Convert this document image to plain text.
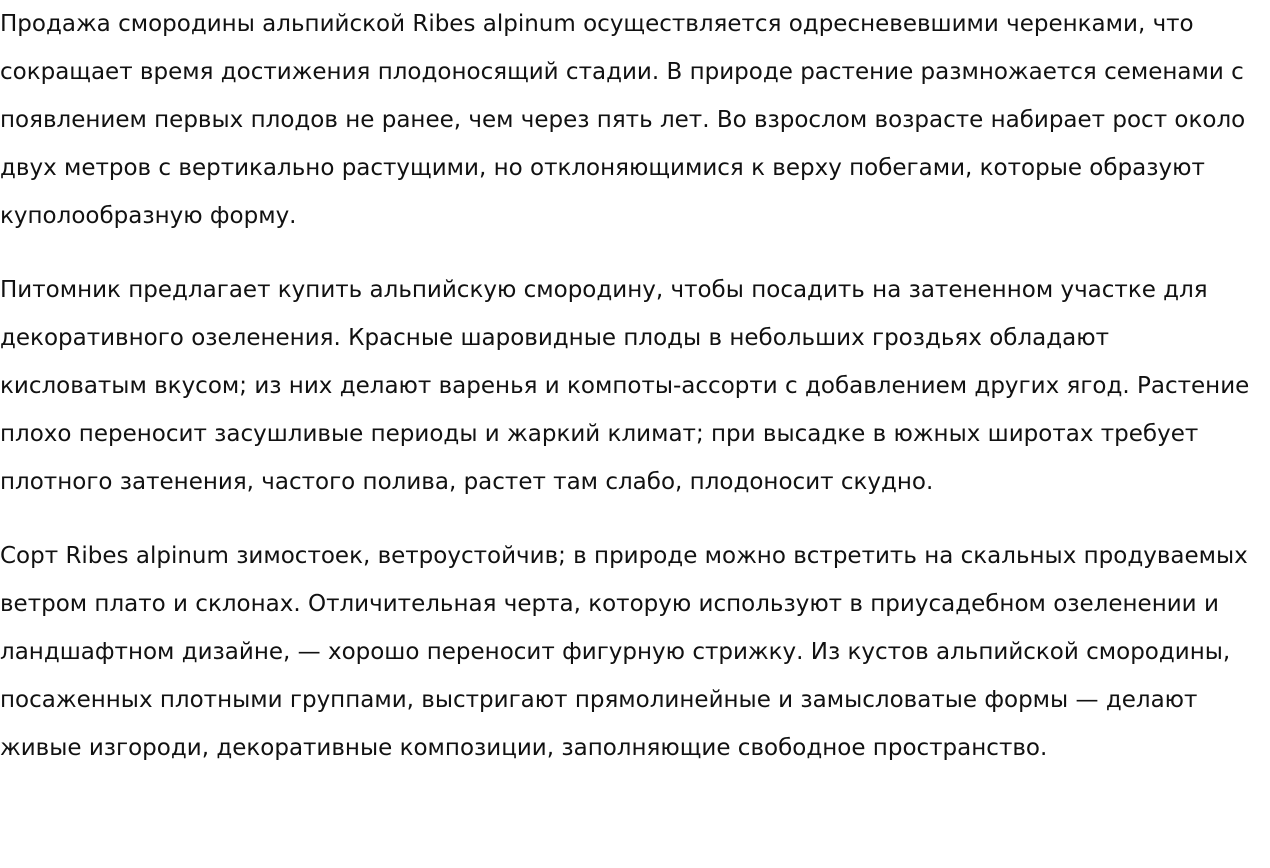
Продажа смородины альпийской Ribes alpinum осуществляется одресневевшими черенками, что сокращает время достижения плодоносящий стадии. В природе растение размножается семенами с появлением первых плодов не ранее, чем через пять лет. Во взрослом возрасте набирает рост около двух метров с вертикально растущими, но отклоняющимися к верху побегами, которые образуют куполообразную форму.

Питомник предлагает купить альпийскую смородину, чтобы посадить на затененном участке для декоративного озеленения. Красные шаровидные плоды в небольших гроздьях обладают кисловатым вкусом; из них делают варенья и компоты-ассорти с добавлением других ягод. Растение плохо переносит засушливые периоды и жаркий климат; при высадке в южных широтах требует плотного затенения, частого полива, растет там слабо, плодоносит скудно.

Сорт Ribes alpinum зимостоек, ветроустойчив; в природе можно встретить на скальных продуваемых ветром плато и склонах. Отличительная черта, которую используют в приусадебном озеленении и ландшафтном дизайне, — хорошо переносит фигурную стрижку. Из кустов альпийской смородины, посаженных плотными группами, выстригают прямолинейные и замысловатые формы — делают живые изгороди, декоративные композиции, заполняющие свободное пространство.
